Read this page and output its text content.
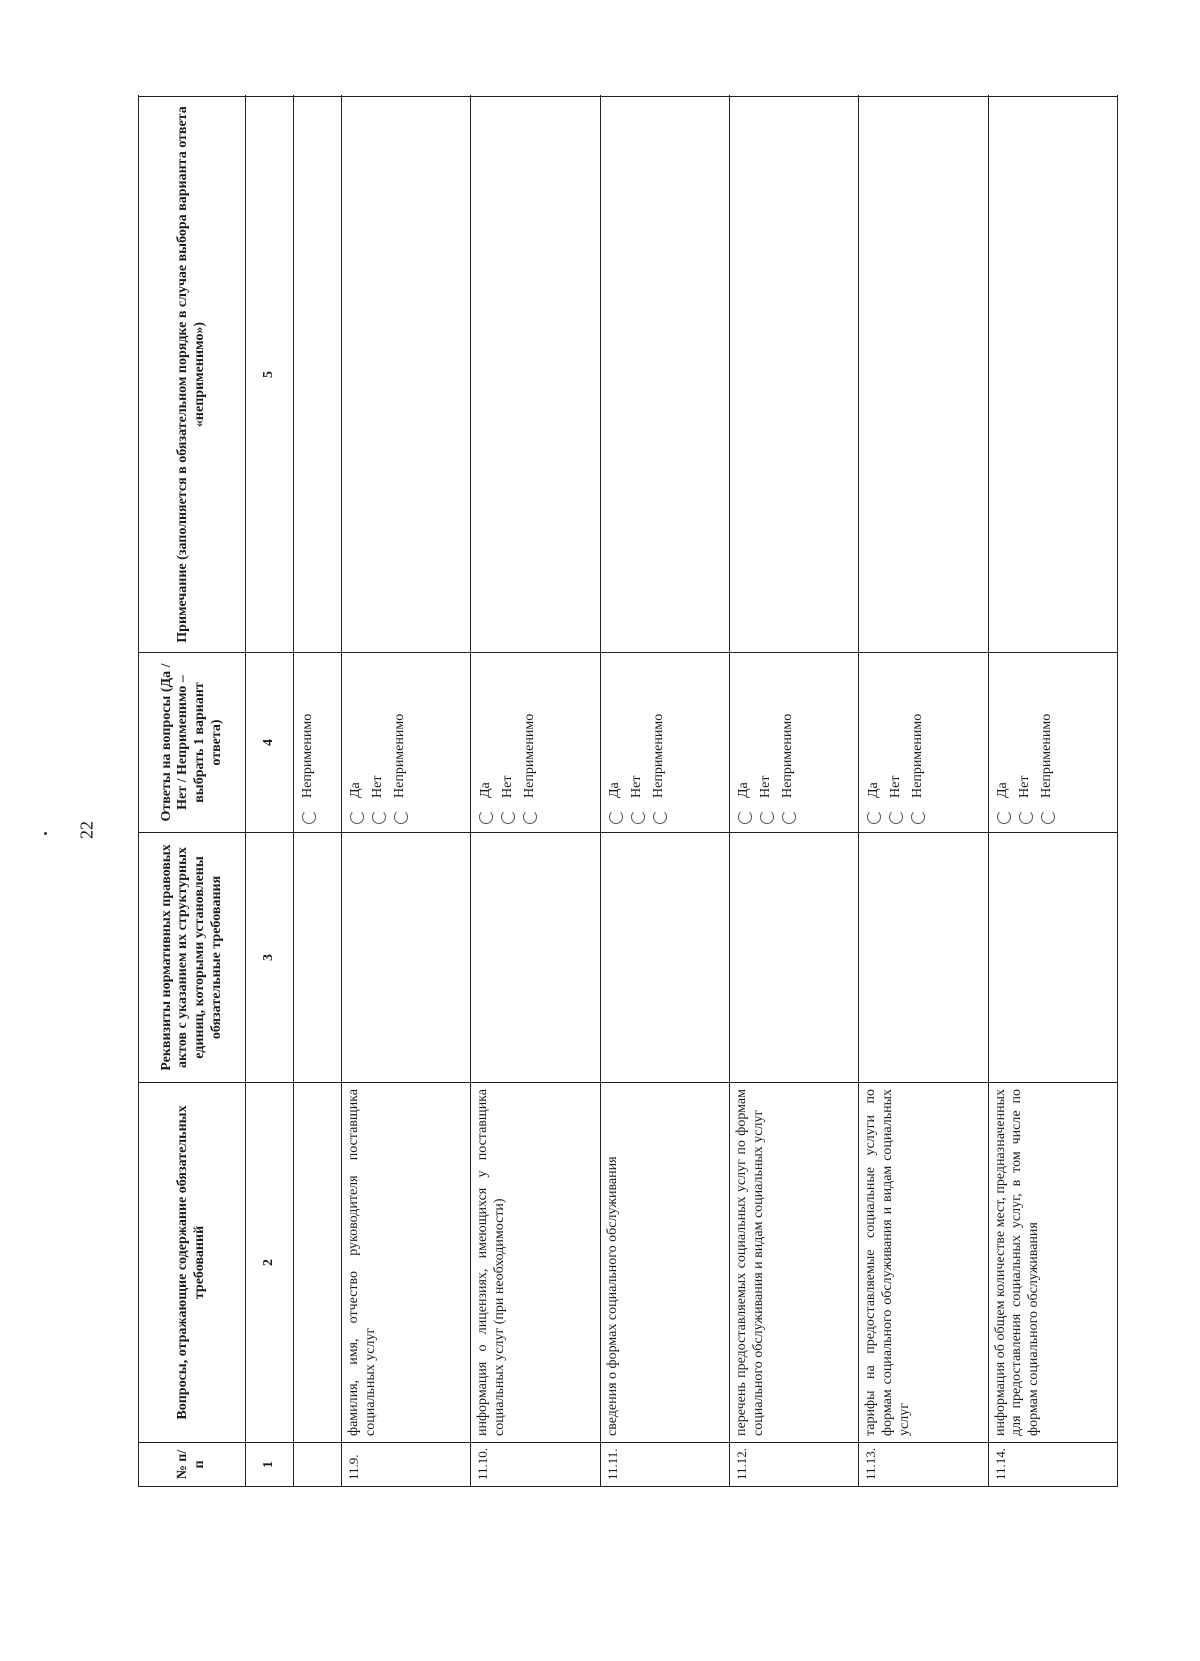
22
№ п/п	Вопросы, отражающие содержание обязательных требований	Реквизиты нормативных правовых актов с указанием их структурных единиц, которыми установлены обязательные требования	Ответы на вопросы (Да / Нет / Неприменимо – выбрать 1 вариант ответа)	Примечание (заполняется в обязательном порядке в случае выбора варианта ответа «неприменимо»)
1	2	3	4	5

			Неприменимо	

11.9.	фамилия, имя, отчество руководителя поставщика социальных услуг		Да Нет Неприменимо	

11.10.	информация о лицензиях, имеющихся у поставщика социальных услуг (при необходимости)		Да Нет Неприменимо	

11.11.	сведения о формах социального обслуживания		Да Нет Неприменимо	

11.12.	перечень предоставляемых социальных услуг по формам социального обслуживания и видам социальных услуг		Да Нет Неприменимо	

11.13.	тарифы на предоставляемые социальные услуги по формам социального обслуживания и видам социальных услуг		Да Нет Неприменимо	

11.14.	информация об общем количестве мест, предназначенных для предоставления социальных услуг, в том числе по формам социального обслуживания		Да Нет Неприменимо	
